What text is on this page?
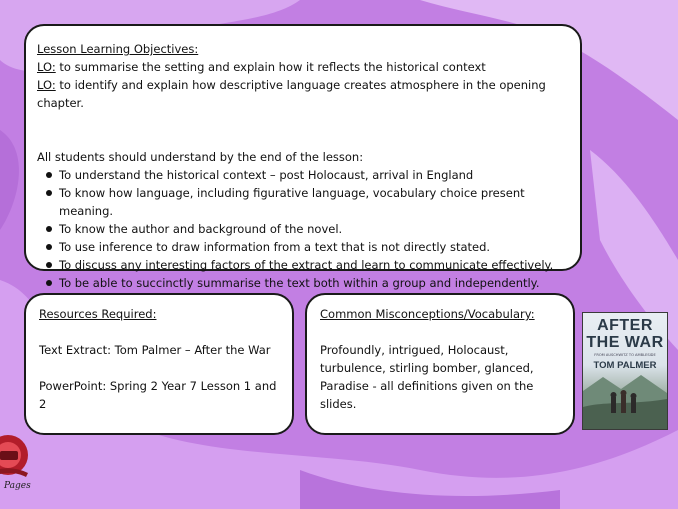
Lesson Learning Objectives:
LO: to summarise the setting and explain how it reflects the historical context
LO: to identify and explain how descriptive language creates atmosphere in the opening chapter.
All students should understand by the end of the lesson:
To understand the historical context – post Holocaust, arrival in England
To know how language, including figurative language, vocabulary choice present meaning.
To know the author and background of the novel.
To use inference to draw information from a text that is not directly stated.
To discuss any interesting factors of the extract and learn to communicate effectively.
To be able to succinctly summarise the text both within a group and independently.
Resources Required:
Text Extract: Tom Palmer – After the War
PowerPoint: Spring 2 Year 7 Lesson 1 and 2
Common Misconceptions/Vocabulary:
Profoundly, intrigued, Holocaust,
turbulence, stirling bomber, glanced,
Paradise - all definitions given on the slides.
AFTER
THE WAR
FROM AUSCHWITZ TO AMBLESIDE
TOM PALMER
Pages
